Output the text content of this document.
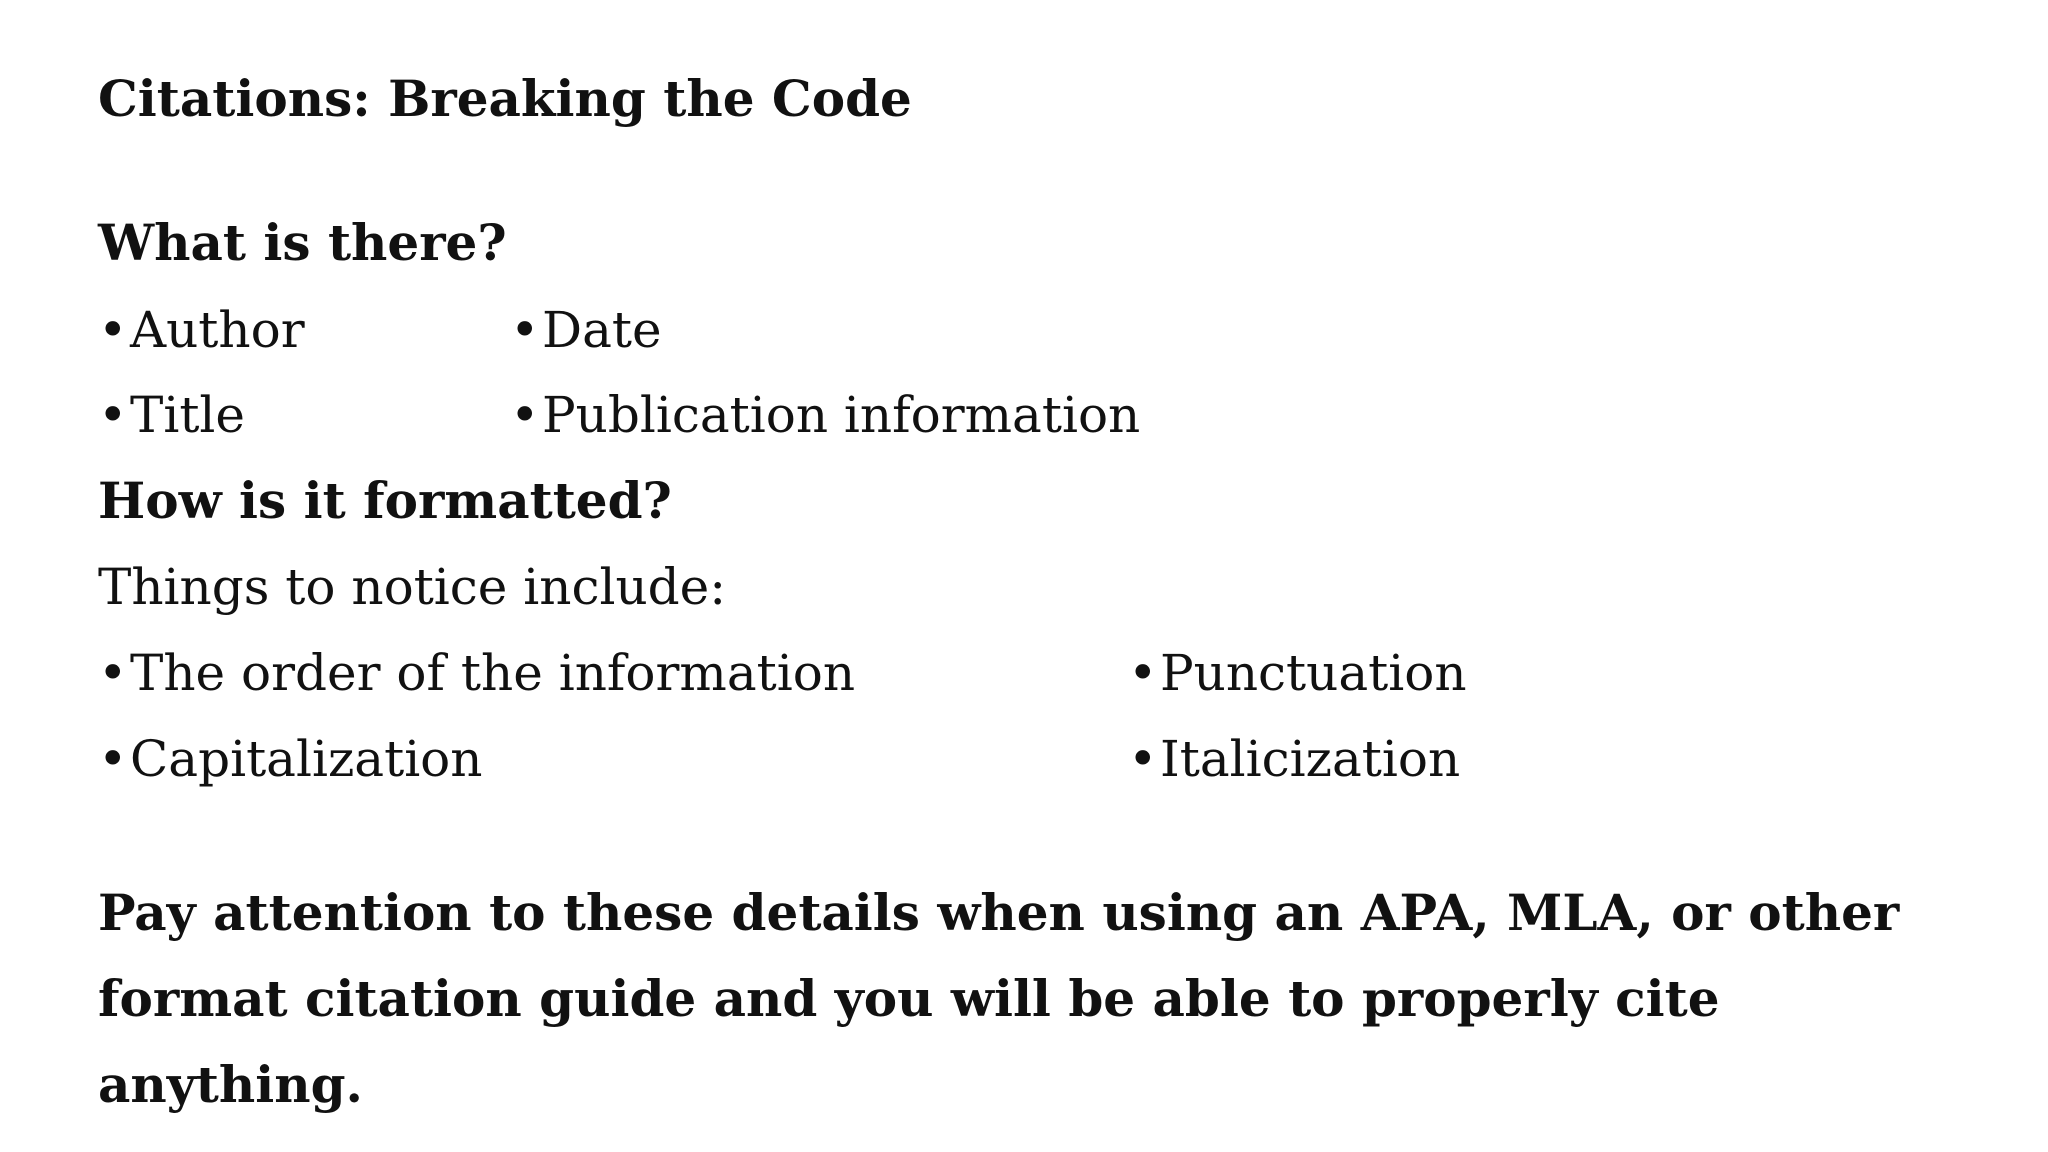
Citations: Breaking the Code
What is there?
•Author	•Date
•Title	•Publication information
How is it formatted?
Things to notice include:
•The order of the information	•Punctuation
•Capitalization	•Italicization
Pay attention to these details when using an APA, MLA, or other format citation guide and you will be able to properly cite anything.
